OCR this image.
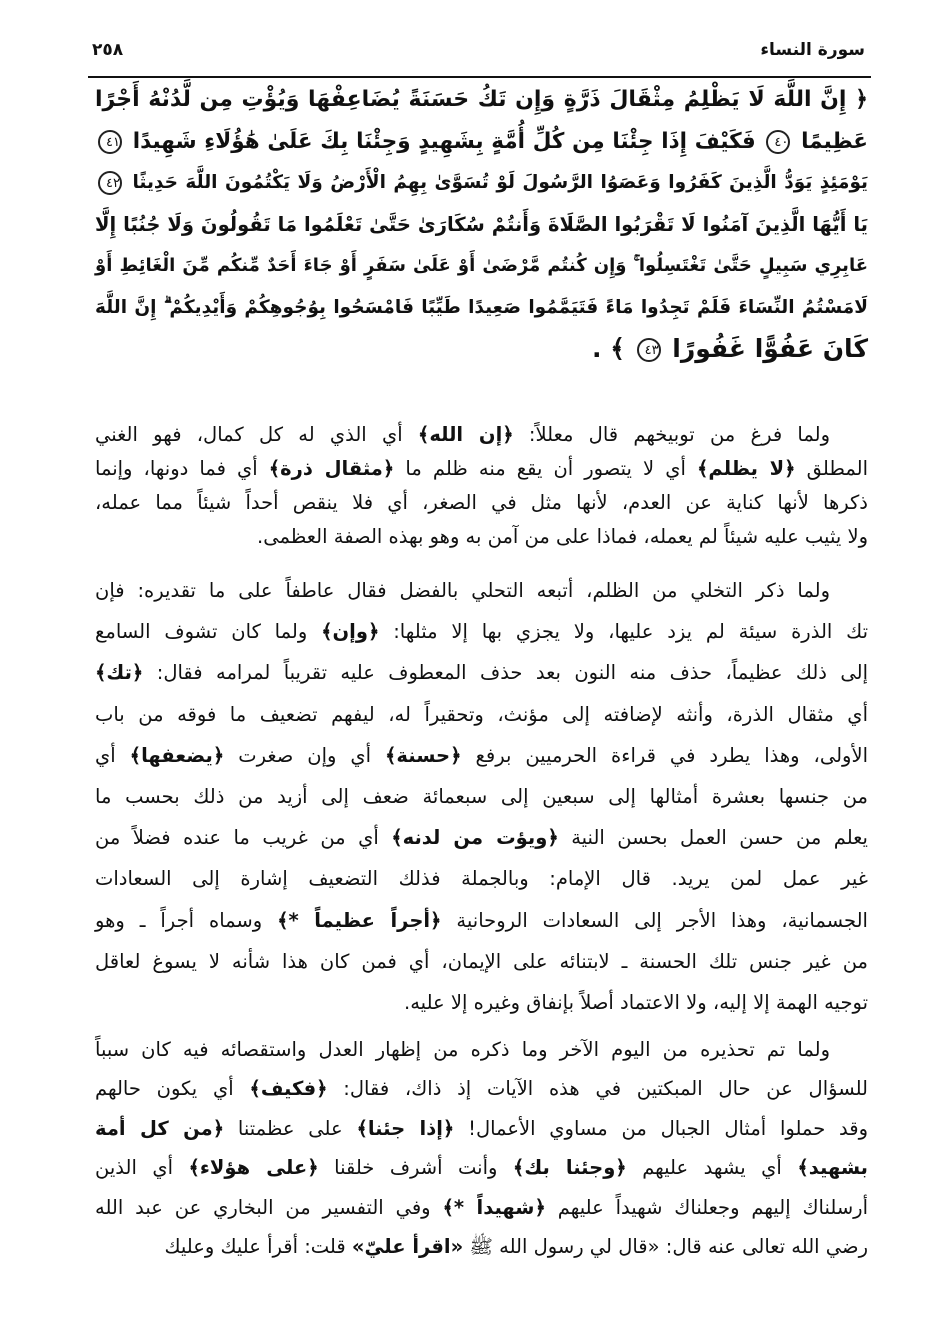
٢٥٨	سورة النساء
﴿ إِنَّ اللَّهَ لَا يَظْلِمُ مِثْقَالَ ذَرَّةٍ وَإِن تَكُ حَسَنَةً يُضَاعِفْهَا وَيُؤْتِ مِن لَّدُنْهُ أَجْرًا
عَظِيمًا ٤٠ فَكَيْفَ إِذَا جِئْنَا مِن كُلِّ أُمَّةٍ بِشَهِيدٍ وَجِئْنَا بِكَ عَلَىٰ هَٰؤُلَاءِ شَهِيدًا ٤١
يَوْمَئِذٍ يَوَدُّ الَّذِينَ كَفَرُوا وَعَصَوُا الرَّسُولَ لَوْ تُسَوَّىٰ بِهِمُ الْأَرْضُ وَلَا يَكْتُمُونَ اللَّهَ حَدِيثًا ٤٢
يَا أَيُّهَا الَّذِينَ آمَنُوا لَا تَقْرَبُوا الصَّلَاةَ وَأَنتُمْ سُكَارَىٰ حَتَّىٰ تَعْلَمُوا مَا تَقُولُونَ وَلَا جُنُبًا إِلَّا
عَابِرِي سَبِيلٍ حَتَّىٰ تَغْتَسِلُوا ۚ وَإِن كُنتُم مَّرْضَىٰ أَوْ عَلَىٰ سَفَرٍ أَوْ جَاءَ أَحَدٌ مِّنكُم مِّنَ الْغَائِطِ أَوْ
لَامَسْتُمُ النِّسَاءَ فَلَمْ تَجِدُوا مَاءً فَتَيَمَّمُوا صَعِيدًا طَيِّبًا فَامْسَحُوا بِوُجُوهِكُمْ وَأَيْدِيكُمْ ۗ إِنَّ اللَّهَ
كَانَ عَفُوًّا غَفُورًا ٤٣ ﴾ .
ولما فرغ من توبيخهم قال معللاً: ﴿إن الله﴾ أي الذي له كل كمال، فهو الغني
المطلق ﴿لا يظلم﴾ أي لا يتصور أن يقع منه ظلم ما ﴿مثقال ذرة﴾ أي فما دونها، وإنما
ذكرها لأنها كناية عن العدم، لأنها مثل في الصغر، أي فلا ينقص أحداً شيئاً مما عمله،
ولا يثيب عليه شيئاً لم يعمله، فماذا على من آمن به وهو بهذه الصفة العظمى.
ولما ذكر التخلي من الظلم، أتبعه التحلي بالفضل فقال عاطفاً على ما تقديره: فإن
تك الذرة سيئة لم يزد عليها، ولا يجزي بها إلا مثلها: ﴿وإن﴾ ولما كان تشوف السامع
إلى ذلك عظيماً، حذف منه النون بعد حذف المعطوف عليه تقريباً لمرامه فقال: ﴿تك﴾
أي مثقال الذرة، وأنثه لإضافته إلى مؤنث، وتحقيراً له، ليفهم تضعيف ما فوقه من باب
الأولى، وهذا يطرد في قراءة الحرميين برفع ﴿حسنة﴾ أي وإن صغرت ﴿يضعفها﴾ أي
من جنسها بعشرة أمثالها إلى سبعين إلى سبعمائة ضعف إلى أزيد من ذلك بحسب ما
يعلم من حسن العمل بحسن النية ﴿ويؤت من لدنه﴾ أي من غريب ما عنده فضلاً من
غير عمل لمن يريد. قال الإمام: وبالجملة فذلك التضعيف إشارة إلى السعادات
الجسمانية، وهذا الأجر إلى السعادات الروحانية ﴿أجراً عظيماً *﴾ وسماه أجراً ـ وهو
من غير جنس تلك الحسنة ـ لابتنائه على الإيمان، أي فمن كان هذا شأنه لا يسوغ لعاقل
توجيه الهمة إلا إليه، ولا الاعتماد أصلاً بإنفاق وغيره إلا عليه.
ولما تم تحذيره من اليوم الآخر وما ذكره من إظهار العدل واستقصائه فيه كان سبباً
للسؤال عن حال المبكتين في هذه الآيات إذ ذاك، فقال: ﴿فكيف﴾ أي يكون حالهم
وقد حملوا أمثال الجبال من مساوي الأعمال! ﴿إذا جئنا﴾ على عظمتنا ﴿من كل أمة
بشهيد﴾ أي يشهد عليهم ﴿وجئنا بك﴾ وأنت أشرف خلقنا ﴿على هؤلاء﴾ أي الذين
أرسلناك إليهم وجعلناك شهيداً عليهم ﴿شهيداً *﴾ وفي التفسير من البخاري عن عبد الله
رضي الله تعالى عنه قال: «قال لي رسول الله ﷺ «اقرأ عليّ» قلت: أقرأ عليك وعليك
